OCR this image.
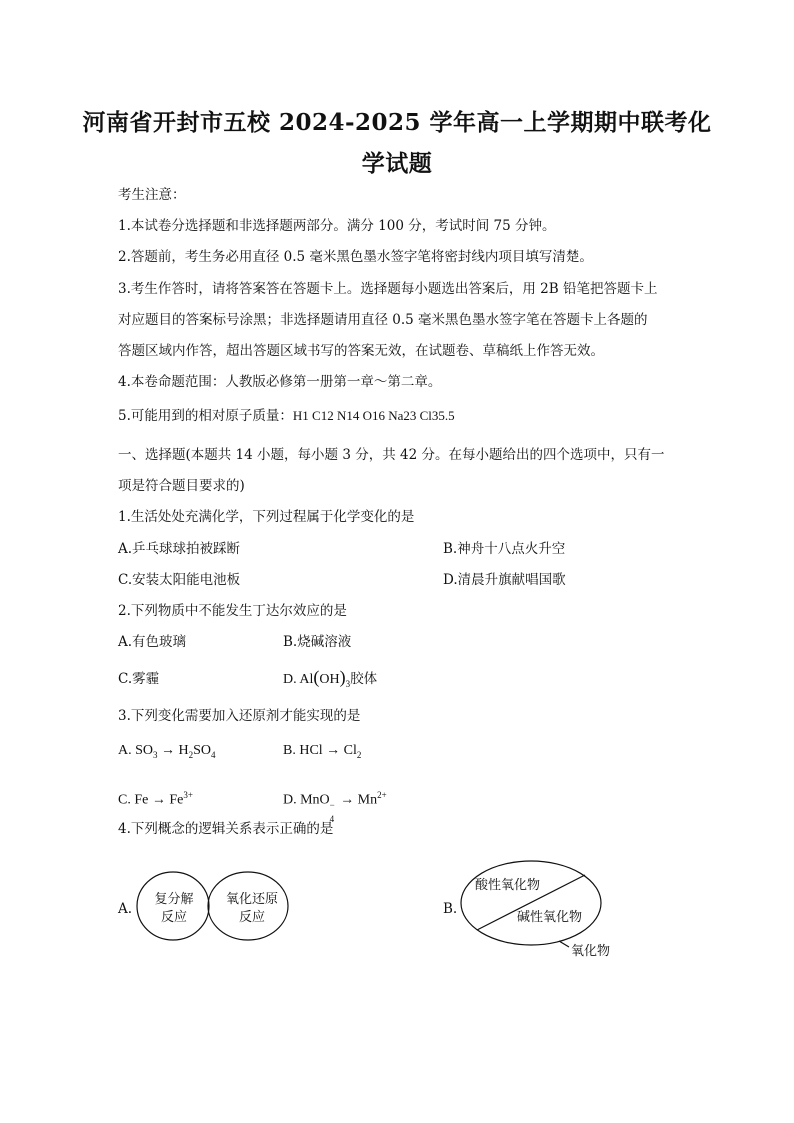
河南省开封市五校 2024-2025 学年高一上学期期中联考化
学试题
考生注意：
1.本试卷分选择题和非选择题两部分。满分 100 分，考试时间 75 分钟。
2.答题前，考生务必用直径 0.5 毫米黑色墨水签字笔将密封线内项目填写清楚。
3.考生作答时，请将答案答在答题卡上。选择题每小题选出答案后，用 2B 铅笔把答题卡上
对应题目的答案标号涂黑；非选择题请用直径 0.5 毫米黑色墨水签字笔在答题卡上各题的
答题区域内作答，超出答题区域书写的答案无效，在试题卷、草稿纸上作答无效。
4.本卷命题范围：人教版必修第一册第一章～第二章。
5.可能用到的相对原子质量：H1 C12 N14 O16 Na23 Cl35.5
一、选择题(本题共 14 小题，每小题 3 分，共 42 分。在每小题给出的四个选项中，只有一
项是符合题目要求的)
1.生活处处充满化学，下列过程属于化学变化的是
A.乒乓球球拍被踩断	B.神舟十八点火升空
C.安装太阳能电池板	D.清晨升旗献唱国歌
2.下列物质中不能发生丁达尔效应的是
A.有色玻璃	B.烧碱溶液
C.雾霾	D. $Al(OH)_3$胶体
3.下列变化需要加入还原剂才能实现的是
A. $SO_3 \to H_2SO_4$	B. HCl → $Cl_2$
C. $Fe \to Fe^{3+}$	D. MnO −
4
→ $Mn^{2+}$
4.下列概念的逻辑关系表示正确的是
A.
复分解
反应
氧化还原
反应
B.
酸性氧化物
碱性氧化物
氧化物
